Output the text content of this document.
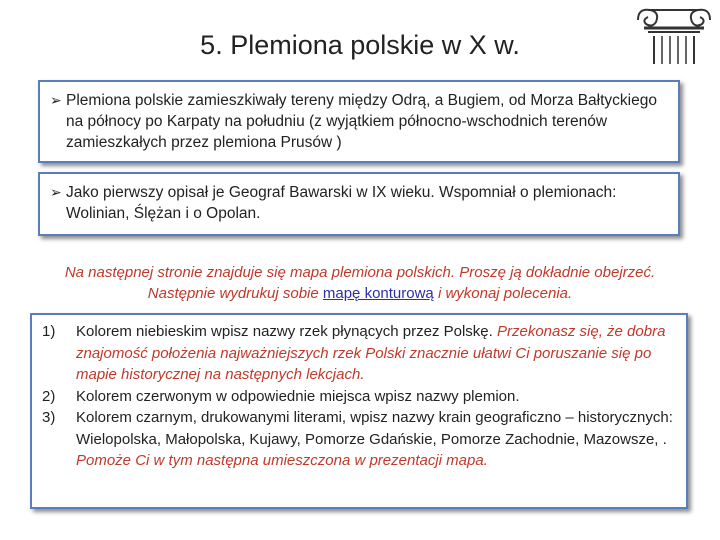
5. Plemiona polskie w X w.
➢ Plemiona polskie zamieszkiwały tereny między Odrą, a Bugiem, od Morza Bałtyckiego na północy po Karpaty na południu (z wyjątkiem północno-wschodnich terenów zamieszkałych przez plemiona Prusów )
➢ Jako pierwszy opisał je Geograf Bawarski w IX wieku. Wspomniał o plemionach: Wolinian, Ślężan i o Opolan.
Na następnej stronie znajduje się mapa plemiona polskich. Proszę ją dokładnie obejrzeć. Następnie wydrukuj sobie mapę konturową i wykonaj polecenia.
1) Kolorem niebieskim wpisz nazwy rzek płynących przez Polskę. Przekonasz się, że dobra znajomość położenia najważniejszych rzek Polski znacznie ułatwi Ci poruszanie się po mapie historycznej na następnych lekcjach.
2) Kolorem czerwonym w odpowiednie miejsca wpisz nazwy plemion.
3) Kolorem czarnym, drukowanymi literami, wpisz nazwy krain geograficzno – historycznych: Wielopolska, Małopolska, Kujawy, Pomorze Gdańskie, Pomorze Zachodnie, Mazowsze, . Pomoże Ci w tym następna umieszczona w prezentacji mapa.
